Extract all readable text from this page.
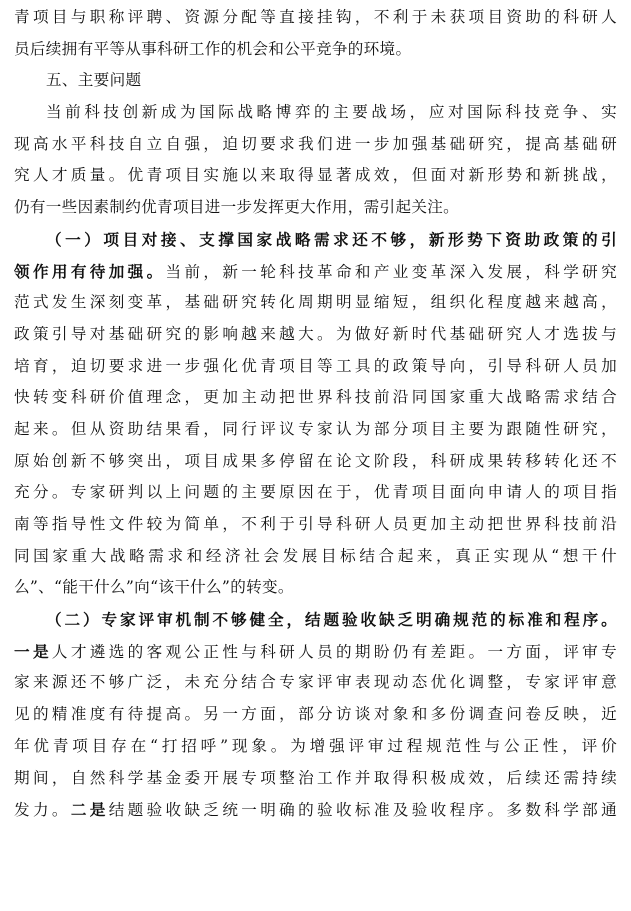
青项目与职称评聘、资源分配等直接挂钩，不利于未获项目资助的科研人
员后续拥有平等从事科研工作的机会和公平竞争的环境。
五、主要问题
当前科技创新成为国际战略博弈的主要战场，应对国际科技竞争、实
现高水平科技自立自强，迫切要求我们进一步加强基础研究，提高基础研
究人才质量。优青项目实施以来取得显著成效，但面对新形势和新挑战，
仍有一些因素制约优青项目进一步发挥更大作用，需引起关注。
（一）项目对接、支撑国家战略需求还不够，新形势下资助政策的引
领作用有待加强。当前，新一轮科技革命和产业变革深入发展，科学研究
范式发生深刻变革，基础研究转化周期明显缩短，组织化程度越来越高，
政策引导对基础研究的影响越来越大。为做好新时代基础研究人才选拔与
培育，迫切要求进一步强化优青项目等工具的政策导向，引导科研人员加
快转变科研价值理念，更加主动把世界科技前沿同国家重大战略需求结合
起来。但从资助结果看，同行评议专家认为部分项目主要为跟随性研究，
原始创新不够突出，项目成果多停留在论文阶段，科研成果转移转化还不
充分。专家研判以上问题的主要原因在于，优青项目面向申请人的项目指
南等指导性文件较为简单，不利于引导科研人员更加主动把世界科技前沿
同国家重大战略需求和经济社会发展目标结合起来，真正实现从“想干什
么”、“能干什么”向“该干什么”的转变。
（二）专家评审机制不够健全，结题验收缺乏明确规范的标准和程序。
一是人才遴选的客观公正性与科研人员的期盼仍有差距。一方面，评审专
家来源还不够广泛，未充分结合专家评审表现动态优化调整，专家评审意
见的精准度有待提高。另一方面，部分访谈对象和多份调查问卷反映，近
年优青项目存在“打招呼”现象。为增强评审过程规范性与公正性，评价
期间，自然科学基金委开展专项整治工作并取得积极成效，后续还需持续
发力。二是结题验收缺乏统一明确的验收标准及验收程序。多数科学部通
